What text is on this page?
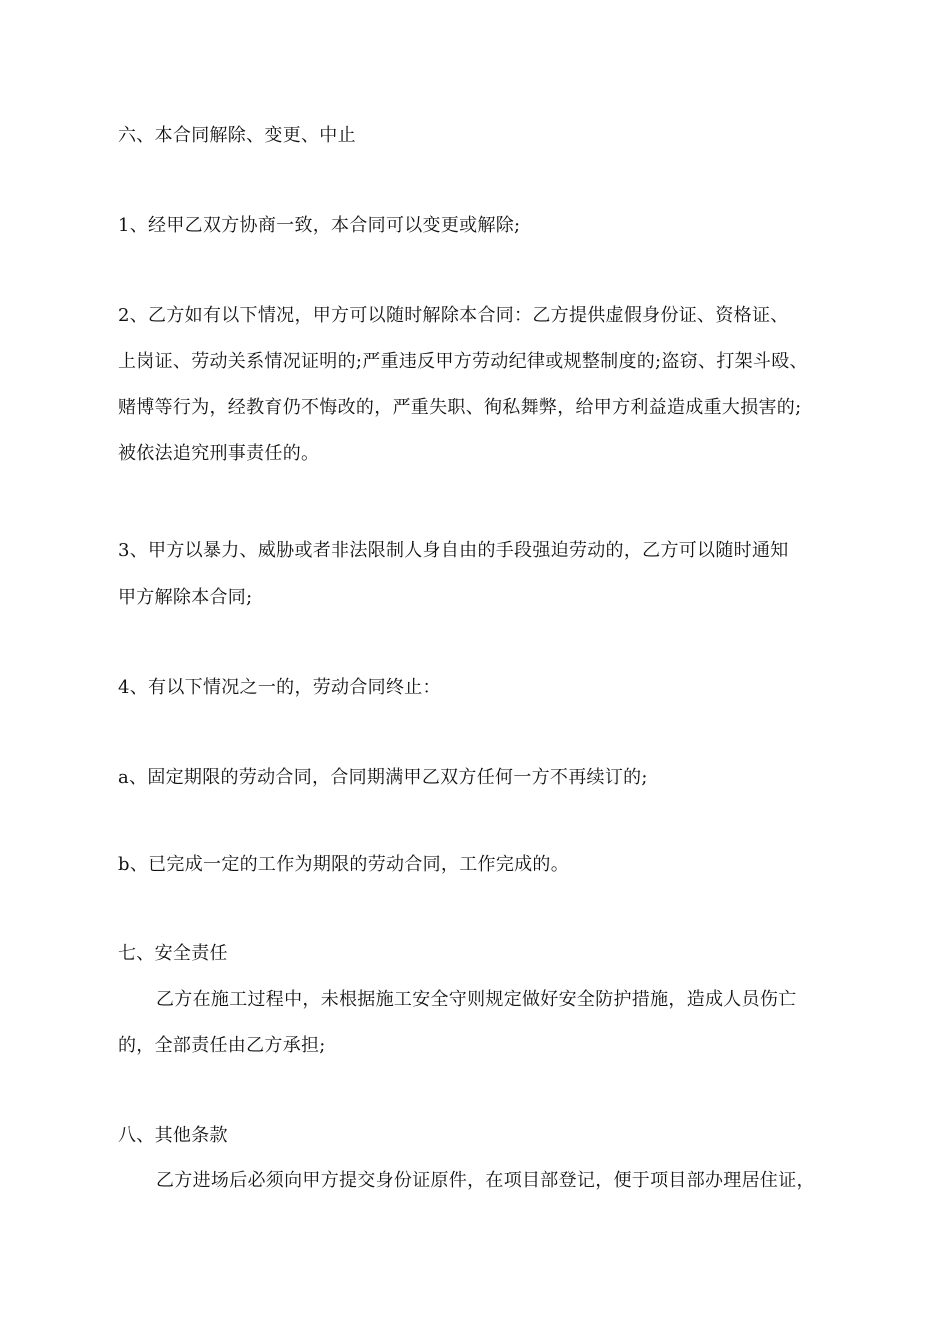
六、本合同解除、变更、中止
1、经甲乙双方协商一致，本合同可以变更或解除;
2、乙方如有以下情况，甲方可以随时解除本合同：乙方提供虚假身份证、资格证、
上岗证、劳动关系情况证明的;严重违反甲方劳动纪律或规整制度的;盗窃、打架斗殴、
赌博等行为，经教育仍不悔改的，严重失职、徇私舞弊，给甲方利益造成重大损害的;
被依法追究刑事责任的。
3、甲方以暴力、威胁或者非法限制人身自由的手段强迫劳动的，乙方可以随时通知
甲方解除本合同;
4、有以下情况之一的，劳动合同终止：
a、固定期限的劳动合同，合同期满甲乙双方任何一方不再续订的;
b、已完成一定的工作为期限的劳动合同，工作完成的。
七、安全责任
乙方在施工过程中，未根据施工安全守则规定做好安全防护措施，造成人员伤亡
的，全部责任由乙方承担;
八、其他条款
乙方进场后必须向甲方提交身份证原件，在项目部登记，便于项目部办理居住证，
